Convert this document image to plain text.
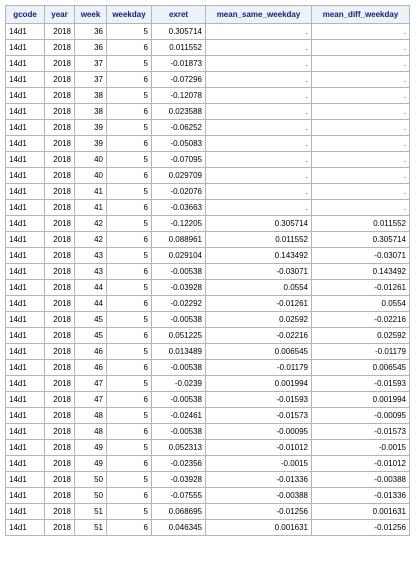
gcode	year	week	weekday	exret	mean_same_weekday	mean_diff_weekday
14d1	2018	36	5	0.305714	.	.
14d1	2018	36	6	0.011552	.	.
14d1	2018	37	5	-0.01873	.	.
14d1	2018	37	6	-0.07296	.	.
14d1	2018	38	5	-0.12078	.	.
14d1	2018	38	6	0.023588	.	.
14d1	2018	39	5	-0.06252	.	.
14d1	2018	39	6	-0.05083	.	.
14d1	2018	40	5	-0.07095	.	.
14d1	2018	40	6	0.029709	.	.
14d1	2018	41	5	-0.02076	.	.
14d1	2018	41	6	-0.03663	.	.
14d1	2018	42	5	-0.12205	0.305714	0.011552
14d1	2018	42	6	0.088961	0.011552	0.305714
14d1	2018	43	5	0.029104	0.143492	-0.03071
14d1	2018	43	6	-0.00538	-0.03071	0.143492
14d1	2018	44	5	-0.03928	0.0554	-0.01261
14d1	2018	44	6	-0.02292	-0.01261	0.0554
14d1	2018	45	5	-0.00538	0.02592	-0.02216
14d1	2018	45	6	0.051225	-0.02216	0.02592
14d1	2018	46	5	0.013489	0.006545	-0.01179
14d1	2018	46	6	-0.00538	-0.01179	0.006545
14d1	2018	47	5	-0.0239	0.001994	-0.01593
14d1	2018	47	6	-0.00538	-0.01593	0.001994
14d1	2018	48	5	-0.02461	-0.01573	-0.00095
14d1	2018	48	6	-0.00538	-0.00095	-0.01573
14d1	2018	49	5	0.052313	-0.01012	-0.0015
14d1	2018	49	6	-0.02356	-0.0015	-0.01012
14d1	2018	50	5	-0.03928	-0.01336	-0.00388
14d1	2018	50	6	-0.07555	-0.00388	-0.01336
14d1	2018	51	5	0.068695	-0.01256	0.001631
14d1	2018	51	6	0.046345	0.001631	-0.01256
